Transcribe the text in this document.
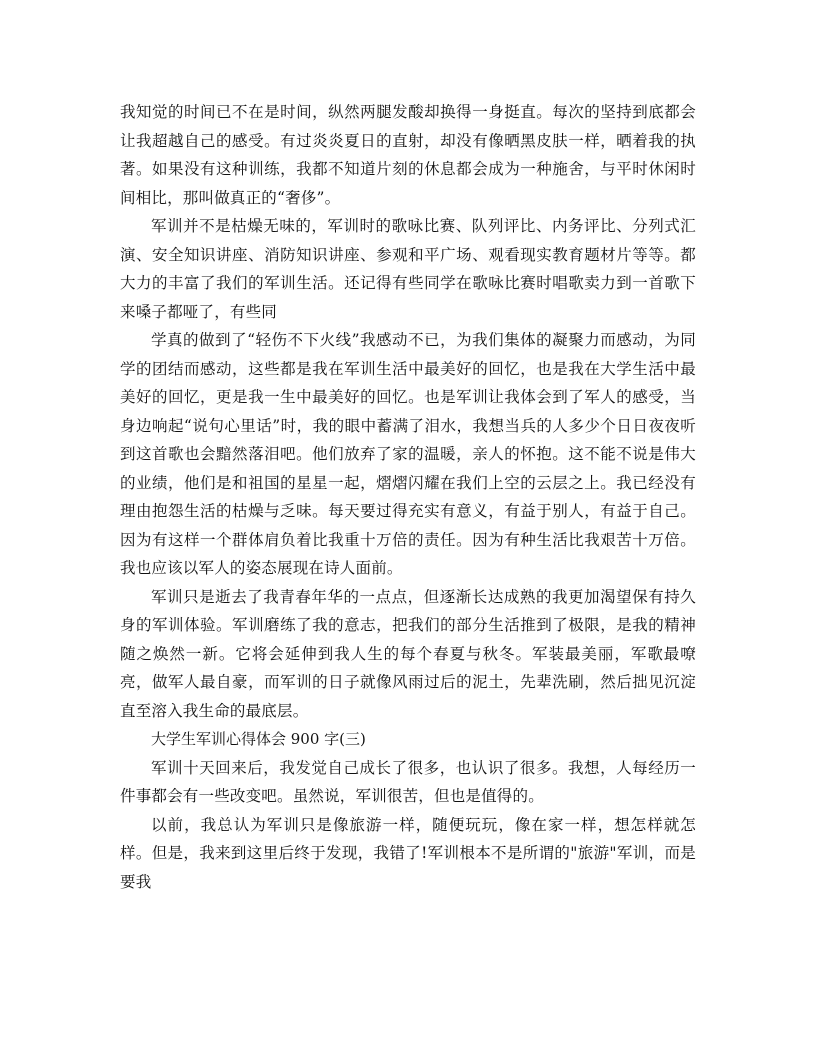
我知觉的时间已不在是时间，纵然两腿发酸却换得一身挺直。每次的坚持到底都会让我超越自己的感受。有过炎炎夏日的直射，却没有像晒黑皮肤一样，晒着我的执著。如果没有这种训练，我都不知道片刻的休息都会成为一种施舍，与平时休闲时间相比，那叫做真正的“奢侈”。

军训并不是枯燥无味的，军训时的歌咏比赛、队列评比、内务评比、分列式汇演、安全知识讲座、消防知识讲座、参观和平广场、观看现实教育题材片等等。都大力的丰富了我们的军训生活。还记得有些同学在歌咏比赛时唱歌卖力到一首歌下来嗓子都哑了，有些同

学真的做到了“轻伤不下火线”我感动不已，为我们集体的凝聚力而感动，为同学的团结而感动，这些都是我在军训生活中最美好的回忆，也是我在大学生活中最美好的回忆，更是我一生中最美好的回忆。也是军训让我体会到了军人的感受，当身边响起“说句心里话”时，我的眼中蓄满了泪水，我想当兵的人多少个日日夜夜听到这首歌也会黯然落泪吧。他们放弃了家的温暖，亲人的怀抱。这不能不说是伟大的业绩，他们是和祖国的星星一起，熠熠闪耀在我们上空的云层之上。我已经没有理由抱怨生活的枯燥与乏味。每天要过得充实有意义，有益于别人，有益于自己。因为有这样一个群体肩负着比我重十万倍的责任。因为有种生活比我艰苦十万倍。我也应该以军人的姿态展现在诗人面前。

军训只是逝去了我青春年华的一点点，但逐渐长达成熟的我更加渴望保有持久身的军训体验。军训磨练了我的意志，把我们的部分生活推到了极限，是我的精神随之焕然一新。它将会延伸到我人生的每个春夏与秋冬。军装最美丽，军歌最嘹亮，做军人最自豪，而军训的日子就像风雨过后的泥土，先辈洗刷，然后拙见沉淀直至溶入我生命的最底层。

大学生军训心得体会 900 字(三)

军训十天回来后，我发觉自己成长了很多，也认识了很多。我想，人每经历一件事都会有一些改变吧。虽然说，军训很苦，但也是值得的。

以前，我总认为军训只是像旅游一样，随便玩玩，像在家一样，想怎样就怎样。但是，我来到这里后终于发现，我错了!军训根本不是所谓的"旅游"军训，而是要我
